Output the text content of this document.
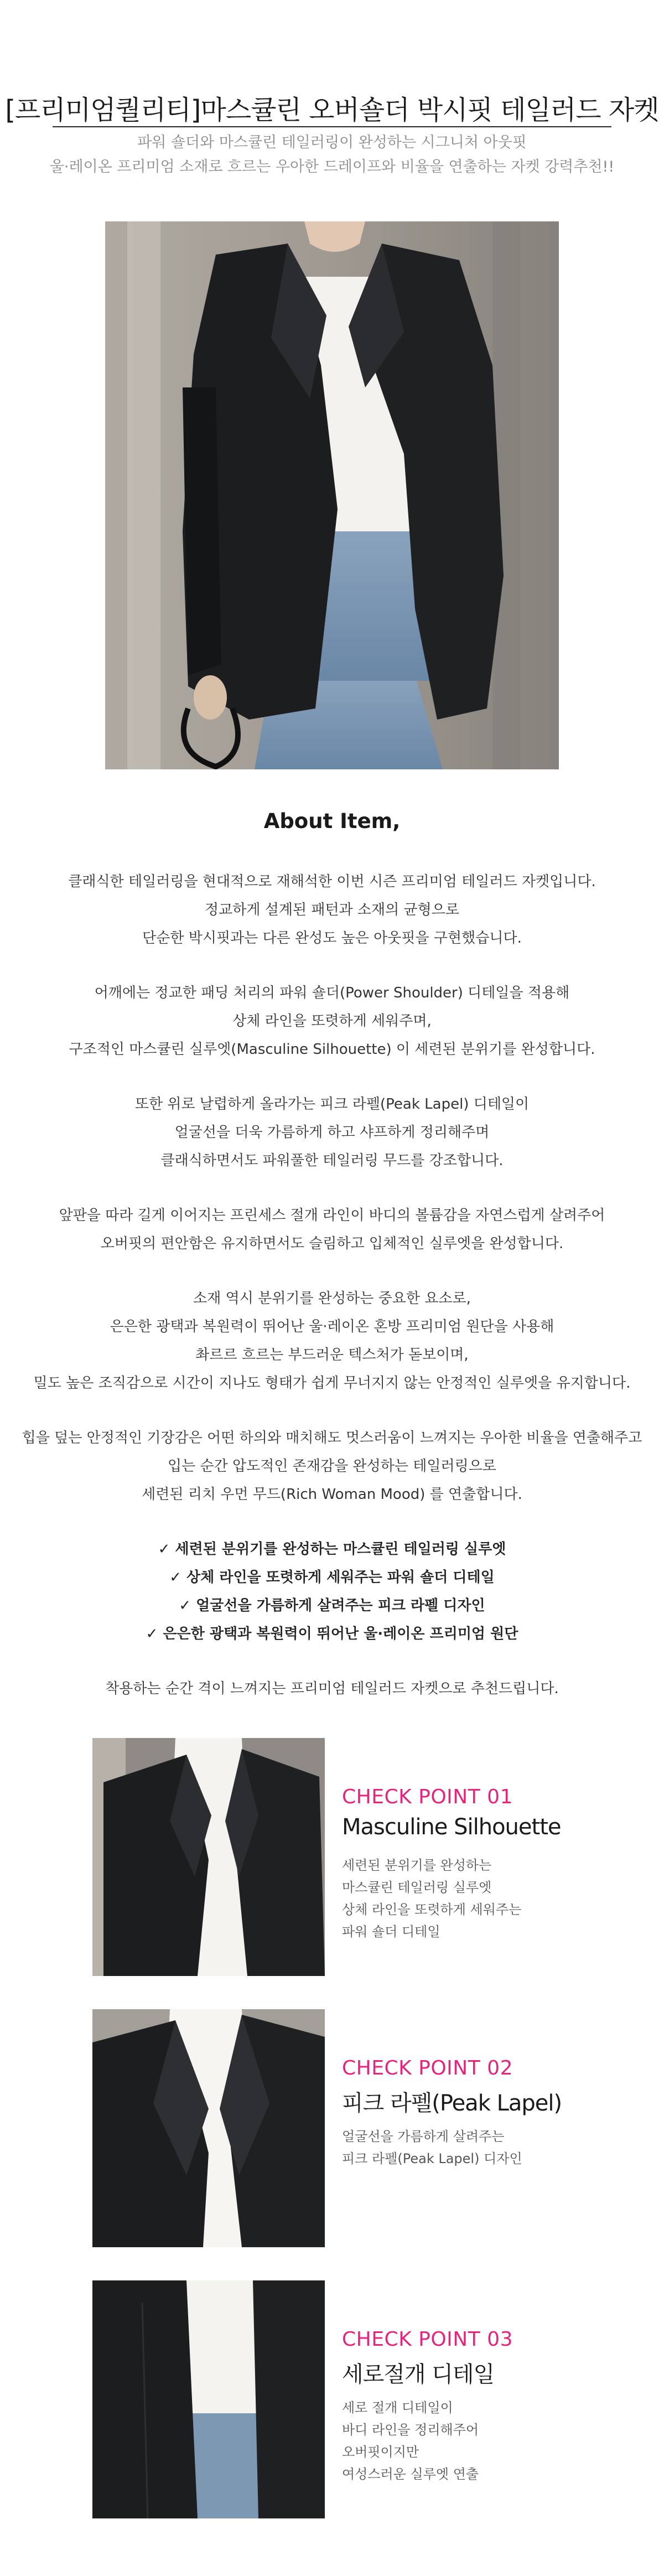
[프리미엄퀄리티]마스큘린 오버숄더 박시핏 테일러드 자켓
파워 숄더와 마스큘린 테일러링이 완성하는 시그니처 아웃핏
울·레이온 프리미엄 소재로 흐르는 우아한 드레이프와 비율을 연출하는 자켓 강력추천!!
About Item,
클래식한 테일러링을 현대적으로 재해석한 이번 시즌 프리미엄 테일러드 자켓입니다.
정교하게 설계된 패턴과 소재의 균형으로
단순한 박시핏과는 다른 완성도 높은 아웃핏을 구현했습니다.
어깨에는 정교한 패딩 처리의 파워 숄더(Power Shoulder) 디테일을 적용해
상체 라인을 또렷하게 세워주며,
구조적인 마스큘린 실루엣(Masculine Silhouette) 이 세련된 분위기를 완성합니다.
또한 위로 날렵하게 올라가는 피크 라펠(Peak Lapel) 디테일이
얼굴선을 더욱 가름하게 하고 샤프하게 정리해주며
클래식하면서도 파워풀한 테일러링 무드를 강조합니다.
앞판을 따라 길게 이어지는 프린세스 절개 라인이 바디의 볼륨감을 자연스럽게 살려주어
오버핏의 편안함은 유지하면서도 슬림하고 입체적인 실루엣을 완성합니다.
소재 역시 분위기를 완성하는 중요한 요소로,
은은한 광택과 복원력이 뛰어난 울·레이온 혼방 프리미엄 원단을 사용해
촤르르 흐르는 부드러운 텍스처가 돋보이며,
밀도 높은 조직감으로 시간이 지나도 형태가 쉽게 무너지지 않는 안정적인 실루엣을 유지합니다.
힙을 덮는 안정적인 기장감은 어떤 하의와 매치해도 멋스러움이 느껴지는 우아한 비율을 연출해주고
입는 순간 압도적인 존재감을 완성하는 테일러링으로
세련된 리치 우먼 무드(Rich Woman Mood) 를 연출합니다.
✓ 세련된 분위기를 완성하는 마스큘린 테일러링 실루엣
✓ 상체 라인을 또렷하게 세워주는 파워 숄더 디테일
✓ 얼굴선을 가름하게 살려주는 피크 라펠 디자인
✓ 은은한 광택과 복원력이 뛰어난 울·레이온 프리미엄 원단
착용하는 순간 격이 느껴지는 프리미엄 테일러드 자켓으로 추천드립니다.
CHECK POINT 01
Masculine Silhouette
세련된 분위기를 완성하는
마스큘린 테일러링 실루엣
상체 라인을 또렷하게 세워주는
파워 숄더 디테일
CHECK POINT 02
피크 라펠(Peak Lapel)
얼굴선을 가름하게 살려주는
피크 라펠(Peak Lapel) 디자인
CHECK POINT 03
세로절개 디테일
세로 절개 디테일이
바디 라인을 정리해주어
오버핏이지만
여성스러운 실루엣 연출
